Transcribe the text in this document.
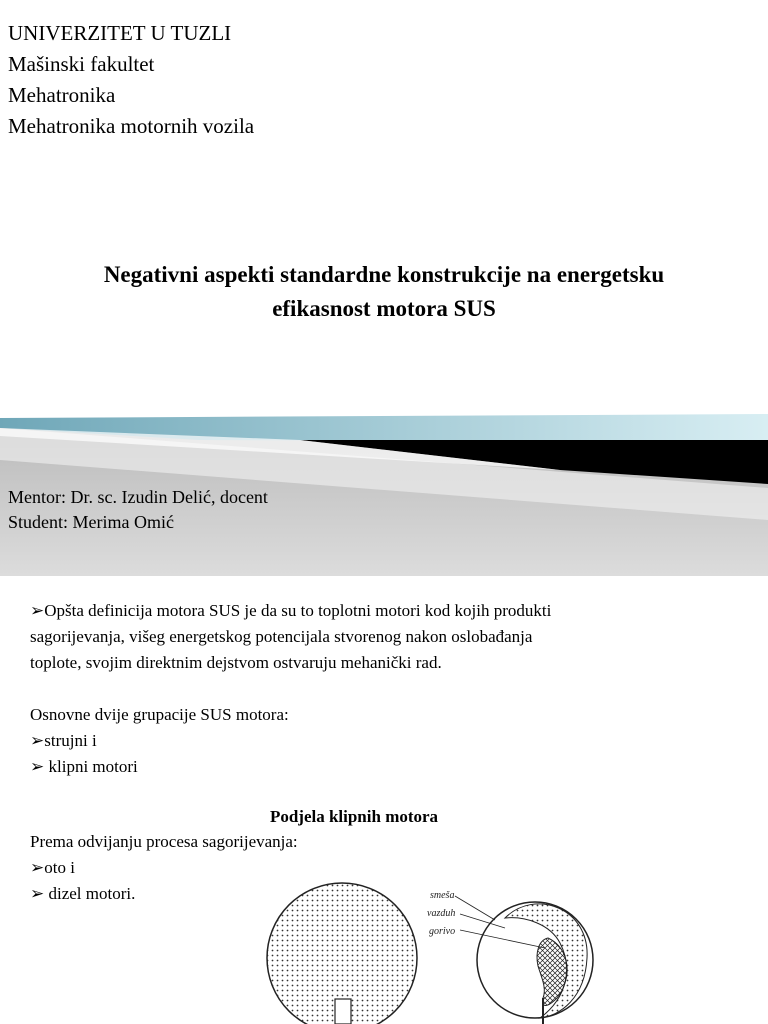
UNIVERZITET U TUZLI
Mašinski fakultet
Mehatronika
Mehatronika motornih vozila
Negativni aspekti standardne konstrukcije na energetsku
efikasnost motora SUS
Mentor: Dr. sc. Izudin Delić, docent
Student: Merima Omić
➢Opšta definicija motora SUS je da su to toplotni motori kod kojih produkti
sagorijevanja, višeg energetskog potencijala stvorenog nakon oslobađanja
toplote, svojim direktnim dejstvom ostvaruju mehanički rad.
Osnovne dvije grupacije SUS motora:
➢strujni i
➢ klipni motori

smeša
vazduh
gorivo
Podjela klipnih motora
Prema odvijanju procesa sagorijevanja:
➢oto i
➢ dizel motori.
